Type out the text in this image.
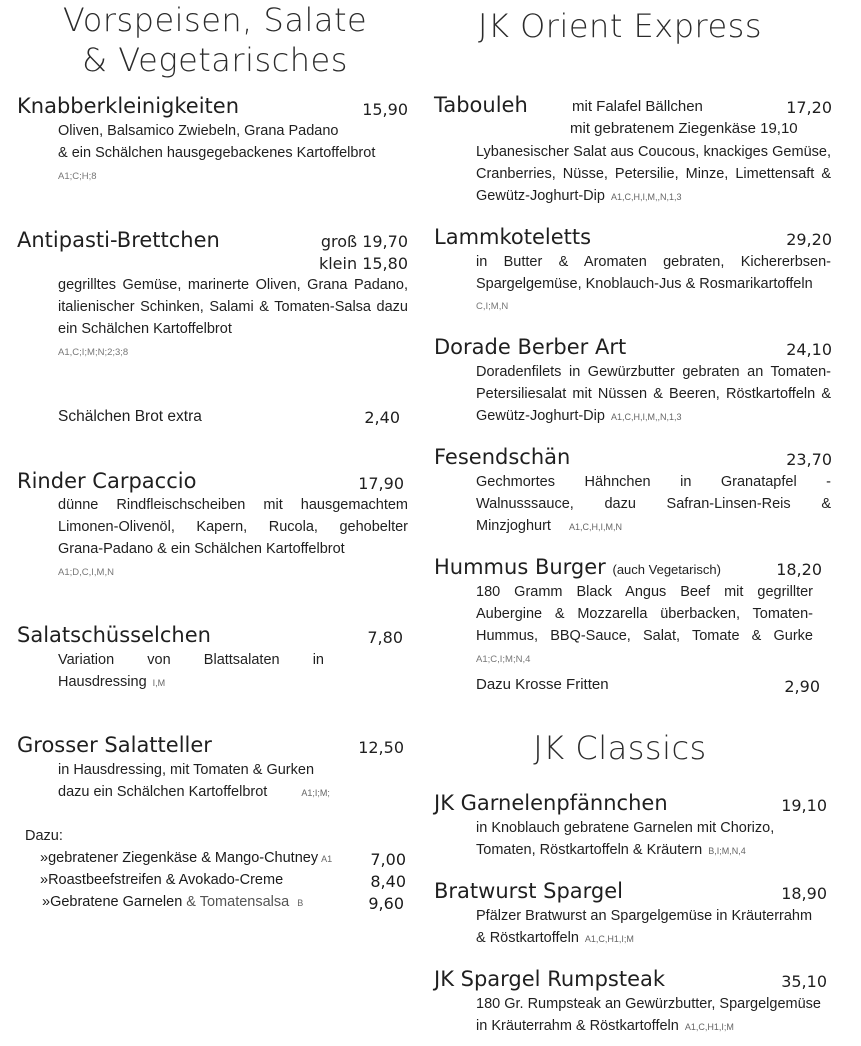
Vorspeisen, Salate
& Vegetarisches
Knabberkleinigkeiten	15,90
Oliven, Balsamico Zwiebeln, Grana Padano
& ein Schälchen hausgegebackenes Kartoffelbrot
A1;C;H;8
Antipasti-Brettchen	groß 19,70
klein 15,80
gegrilltes Gemüse, marinerte Oliven, Grana Padano,
italienischer Schinken, Salami & Tomaten-Salsa dazu
ein Schälchen Kartoffelbrot
A1,C;I;M;N;2;3;8
Schälchen Brot extra	2,40
Rinder Carpaccio	17,90
dünne Rindfleischscheiben mit hausgemachtem
Limonen-Olivenöl, Kapern, Rucola, gehobelter
Grana-Padano & ein Schälchen Kartoffelbrot
A1;D,C,I,M,N
Salatschüsselchen	7,80
Variation von Blattsalaten in
Hausdressing I,M
Grosser Salatteller	12,50
in Hausdressing, mit Tomaten & Gurken
dazu ein Schälchen Kartoffelbrot	A1;I;M;
Dazu:
»gebratener Ziegenkäse & Mango-Chutney A1 7,00
»Roastbeefstreifen & Avokado-Creme	8,40
»Gebratene Garnelen & Tomatensalsa B	9,60
JK Orient Express
Tabouleh	mit Falafel Bällchen	17,20
mit gebratenem Ziegenkäse 19,10
Lybanesischer Salat aus Coucous, knackiges Gemüse,
Cranberries, Nüsse, Petersilie, Minze, Limettensaft &
Gewütz-Joghurt-Dip A1,C,H,I,M,,N,1,3
Lammkoteletts	29,20
in Butter & Aromaten gebraten, Kichererbsen-
Spargelgemüse, Knoblauch-Jus & Rosmarikartoffeln
C,I;M,N
Dorade Berber Art	24,10
Doradenfilets in Gewürzbutter gebraten an Tomaten-
Petersiliesalat mit Nüssen & Beeren, Röstkartoffeln &
Gewütz-Joghurt-Dip A1,C,H,I,M,,N,1,3
Fesendschän	23,70
Gechmortes Hähnchen in Granatapfel -
Walnusssauce, dazu Safran-Linsen-Reis &
Minzjoghurt A1,C,H,I,M,N
Hummus Burger (auch Vegetarisch)	18,20
180 Gramm Black Angus Beef mit gegrillter
Aubergine & Mozzarella überbacken, Tomaten-
Hummus, BBQ-Sauce, Salat, Tomate & Gurke
A1;C,I;M;N,4
Dazu Krosse Fritten	2,90
JK Classics
JK Garnelenpfännchen	19,10
in Knoblauch gebratene Garnelen mit Chorizo,
Tomaten, Röstkartoffeln & Kräutern B,I;M,N,4
Bratwurst Spargel	18,90
Pfälzer Bratwurst an Spargelgemüse in Kräuterrahm
& Röstkartoffeln A1,C,H1,I;M
JK Spargel Rumpsteak	35,10
180 Gr. Rumpsteak an Gewürzbutter, Spargelgemüse
in Kräuterrahm & Röstkartoffeln A1,C,H1,I;M
